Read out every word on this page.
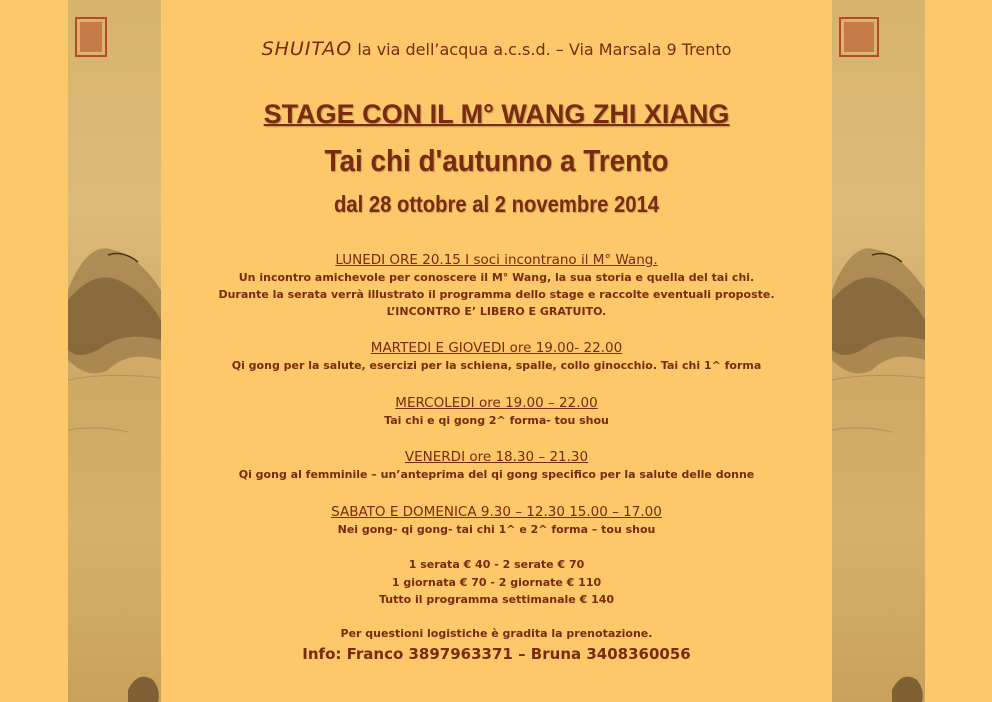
SHUITAO la via dell’acqua a.c.s.d. – Via Marsala 9 Trento
STAGE CON IL M° WANG ZHI XIANG
Tai chi d'autunno a Trento
dal 28 ottobre al 2 novembre 2014
LUNEDI ORE 20.15 I soci incontrano il M° Wang.
Un incontro amichevole per conoscere il M° Wang, la sua storia e quella del tai chi.
Durante la serata verrà illustrato il programma dello stage e raccolte eventuali proposte.
L’INCONTRO E’ LIBERO E GRATUITO.
MARTEDI E GIOVEDI ore 19.00- 22.00
Qi gong per la salute, esercizi per la schiena, spalle, collo ginocchio. Tai chi 1^ forma
MERCOLEDI ore 19.00 – 22.00
Tai chi e qi gong 2^ forma- tou shou
VENERDI ore 18.30 – 21.30
Qi gong al femminile – un’anteprima del qi gong specifico per la salute delle donne
SABATO E DOMENICA 9.30 – 12.30 15.00 – 17.00
Nei gong- qi gong- tai chi 1^ e 2^ forma – tou shou
1 serata € 40 - 2 serate € 70
1 giornata € 70 - 2 giornate € 110
Tutto il programma settimanale € 140
Per questioni logistiche è gradita la prenotazione.
Info: Franco 3897963371 – Bruna 3408360056
